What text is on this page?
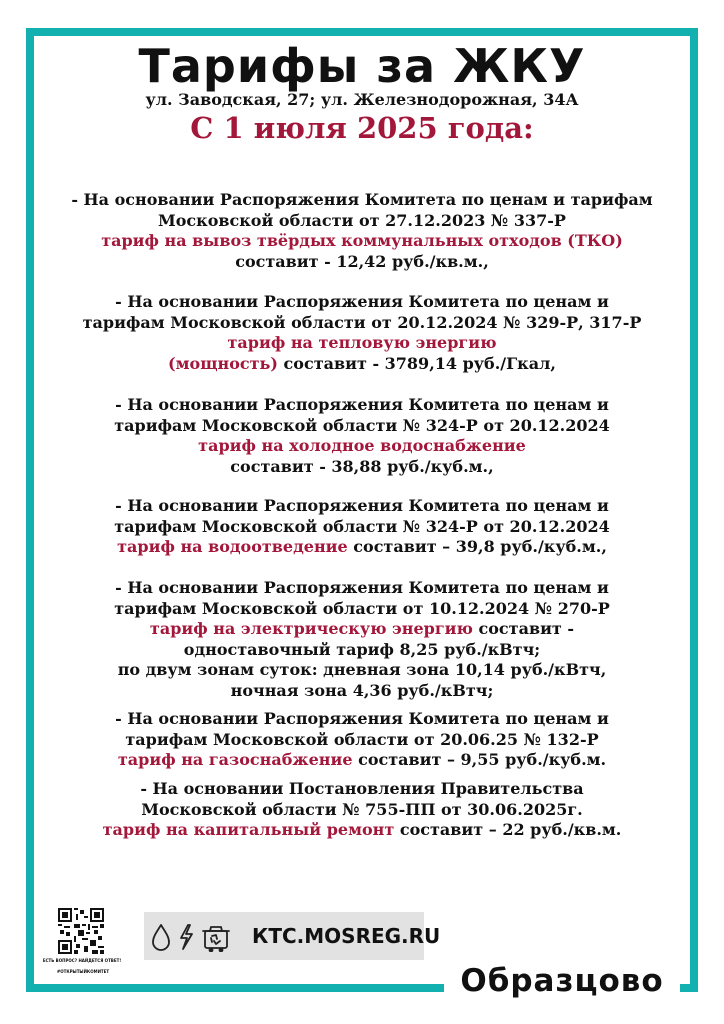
Тарифы за ЖКУ
ул. Заводская, 27; ул. Железнодорожная, 34А
С 1 июля 2025 года:
- На основании Распоряжения Комитета по ценам и тарифам
Московской области от 27.12.2023 № 337-Р
тариф на вывоз твёрдых коммунальных отходов (ТКО)
составит - 12,42 руб./кв.м.,
- На основании Распоряжения Комитета по ценам и
тарифам Московской области от 20.12.2024 № 329-Р, 317-Р
тариф на тепловую энергию
(мощность) составит - 3789,14 руб./Гкал,
- На основании Распоряжения Комитета по ценам и
тарифам Московской области № 324-Р от 20.12.2024
тариф на холодное водоснабжение
составит - 38,88 руб./куб.м.,
- На основании Распоряжения Комитета по ценам и
тарифам Московской области № 324-Р от 20.12.2024
тариф на водоотведение составит – 39,8 руб./куб.м.,
- На основании Распоряжения Комитета по ценам и
тарифам Московской области от 10.12.2024 № 270-Р
тариф на электрическую энергию составит -
одноставочный тариф 8,25 руб./кВтч;
по двум зонам суток: дневная зона 10,14 руб./кВтч,
ночная зона 4,36 руб./кВтч;
- На основании Распоряжения Комитета по ценам и
тарифам Московской области от 20.06.25 № 132-Р
тариф на газоснабжение составит – 9,55 руб./куб.м.
- На основании Постановления Правительства
Московской области № 755-ПП от 30.06.2025г.
тариф на капитальный ремонт составит – 22 руб./кв.м.
ЕСТЬ ВОПРОС? НАЙДЕТСЯ ОТВЕТ!
#ОТКРЫТЫЙКОМИТЕТ
КТС.MOSREG.RU
Образцово
